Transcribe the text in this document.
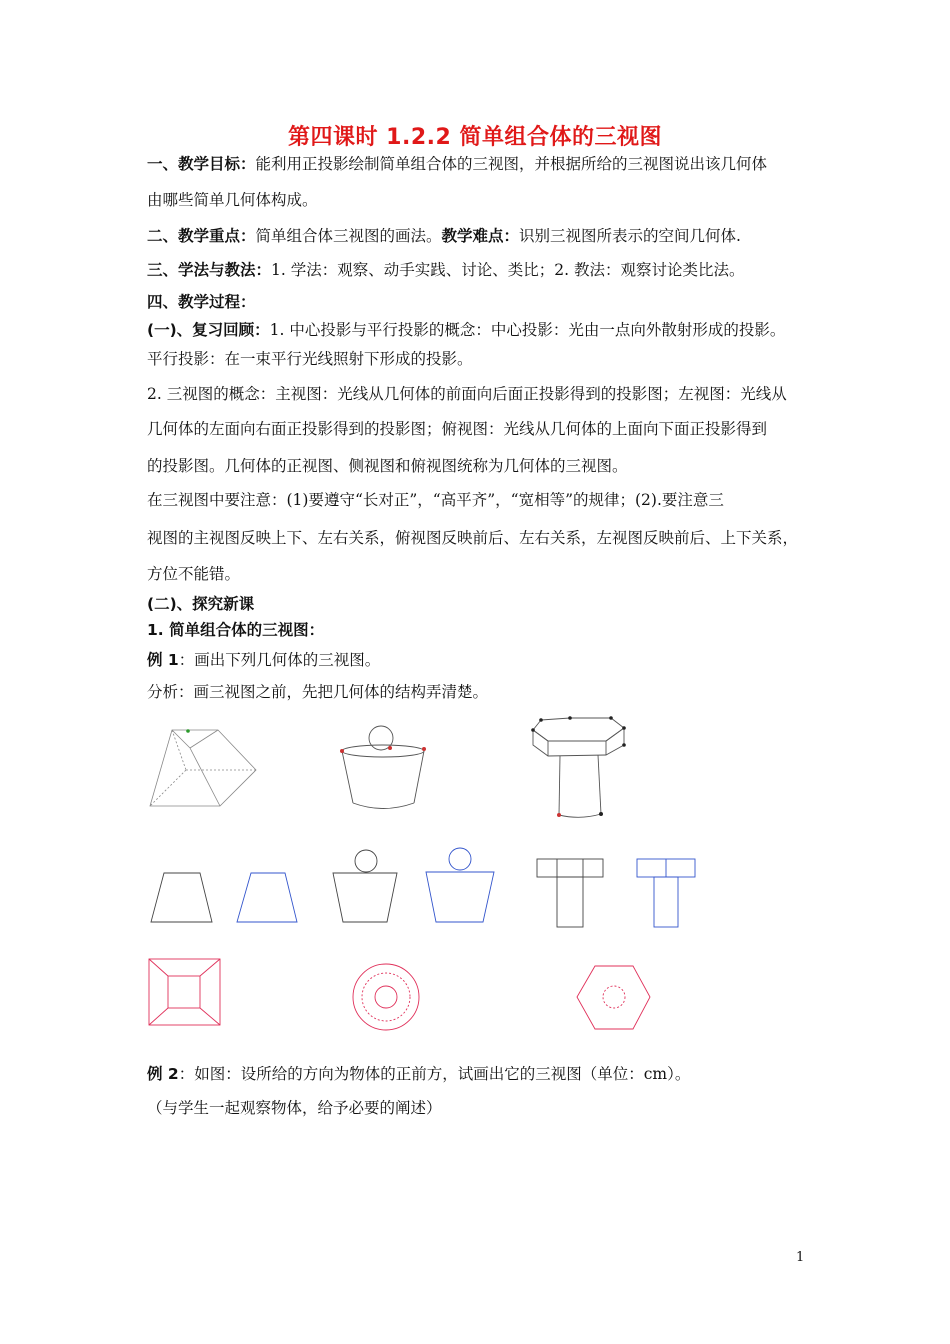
第四课时 1.2.2 简单组合体的三视图
一、教学目标：能利用正投影绘制简单组合体的三视图，并根据所给的三视图说出该几何体
由哪些简单几何体构成。
二、教学重点：简单组合体三视图的画法。教学难点：识别三视图所表示的空间几何体.
三、学法与教法：1. 学法：观察、动手实践、讨论、类比；2. 教法：观察讨论类比法。
四、教学过程：
(一)、复习回顾：1. 中心投影与平行投影的概念：中心投影：光由一点向外散射形成的投影。
平行投影：在一束平行光线照射下形成的投影。
2. 三视图的概念：主视图：光线从几何体的前面向后面正投影得到的投影图；左视图：光线从
几何体的左面向右面正投影得到的投影图；俯视图：光线从几何体的上面向下面正投影得到
的投影图。几何体的正视图、侧视图和俯视图统称为几何体的三视图。
在三视图中要注意：(1)要遵守“长对正”，“高平齐”，“宽相等”的规律；(2).要注意三
视图的主视图反映上下、左右关系，俯视图反映前后、左右关系，左视图反映前后、上下关系，
方位不能错。
(二)、探究新课
1. 简单组合体的三视图：
例 1：画出下列几何体的三视图。
分析：画三视图之前，先把几何体的结构弄清楚。
例 2：如图：设所给的方向为物体的正前方，试画出它的三视图（单位：cm）。
（与学生一起观察物体，给予必要的阐述）
1
